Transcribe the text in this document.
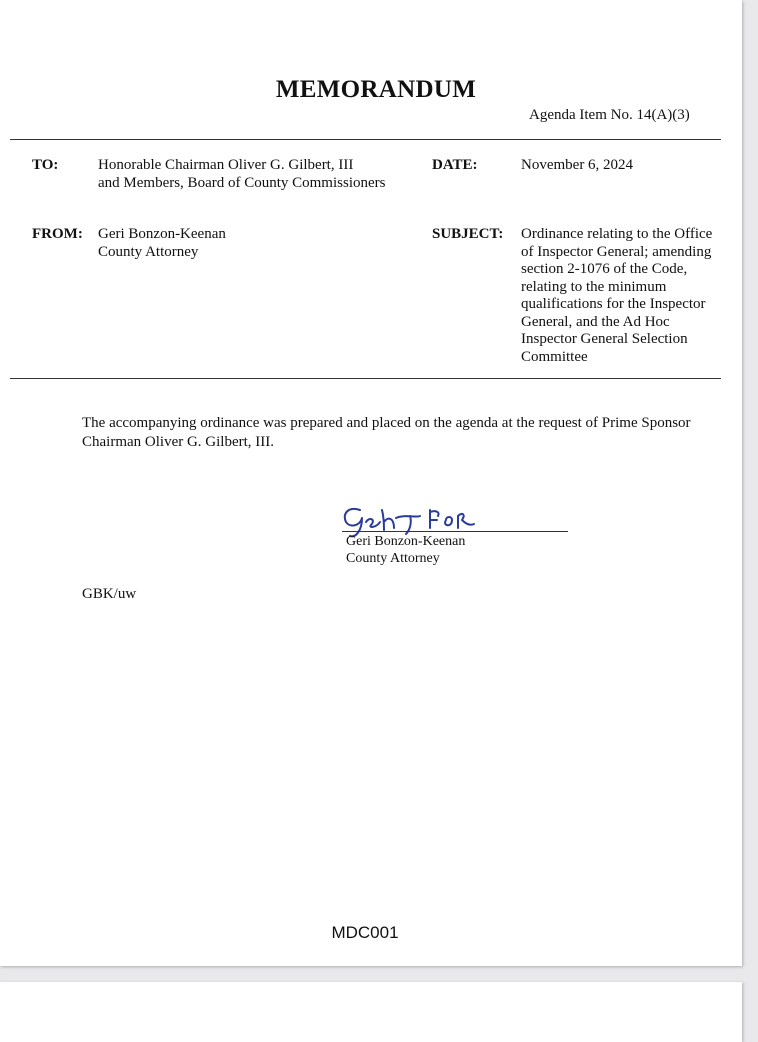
MEMORANDUM
Agenda Item No. 14(A)(3)
TO:	Honorable Chairman Oliver G. Gilbert, III
and Members, Board of County Commissioners
DATE:	November 6, 2024
FROM: Geri Bonzon-Keenan
County Attorney
SUBJECT: Ordinance relating to the Office
of Inspector General; amending
section 2-1076 of the Code,
relating to the minimum
qualifications for the Inspector
General, and the Ad Hoc
Inspector General Selection
Committee
The accompanying ordinance was prepared and placed on the agenda at the request of Prime Sponsor
Chairman Oliver G. Gilbert, III.
Geri Bonzon-Keenan
County Attorney
GBK/uw
MDC001
